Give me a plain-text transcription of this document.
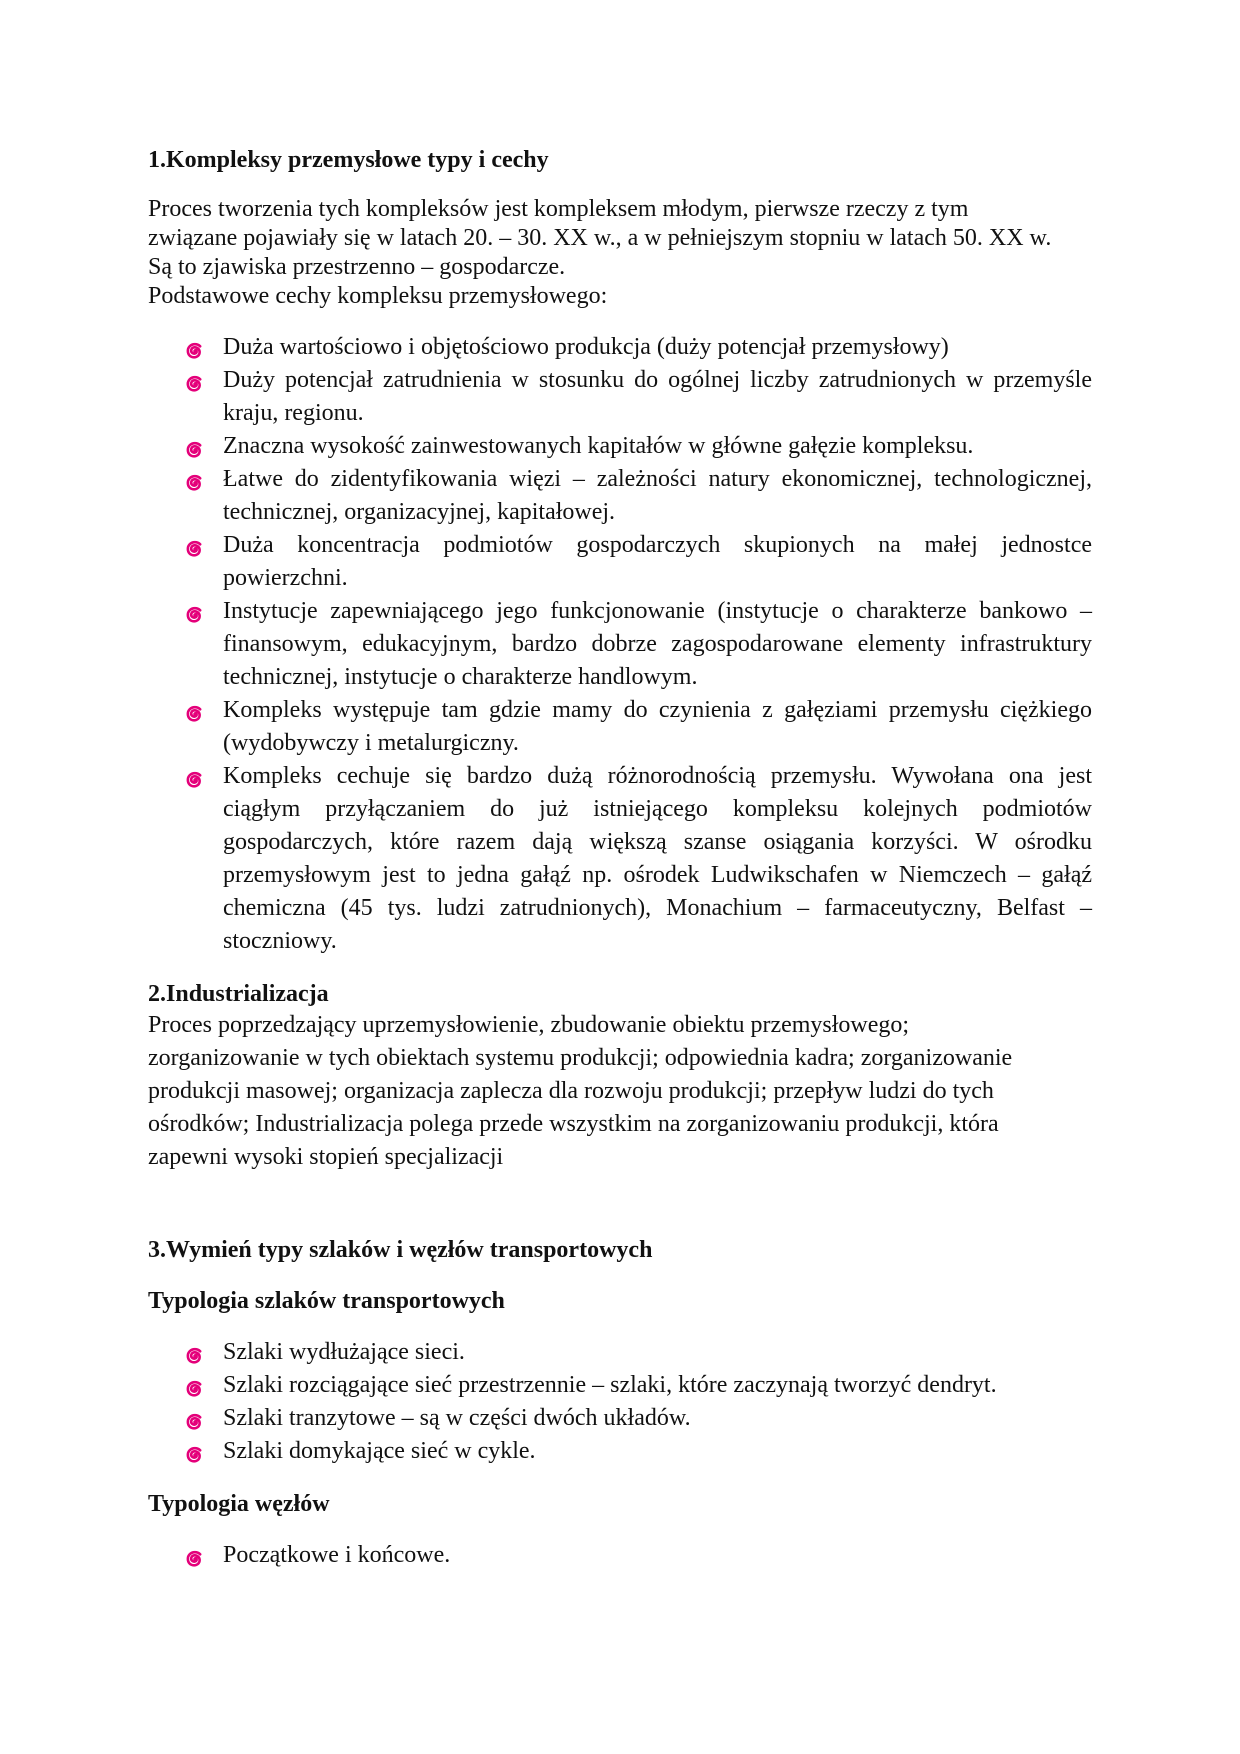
1.Kompleksy przemysłowe typy i cechy

Proces tworzenia tych kompleksów jest kompleksem młodym, pierwsze rzeczy z tym

związane pojawiały się w latach 20. – 30. XX w., a w pełniejszym stopniu w latach 50. XX w.

Są to zjawiska przestrzenno – gospodarcze.

Podstawowe cechy kompleksu przemysłowego:

Duża wartościowo i objętościowo produkcja (duży potencjał przemysłowy)
Duży potencjał zatrudnienia w stosunku do ogólnej liczby zatrudnionych w przemyśle kraju, regionu.
Znaczna wysokość zainwestowanych kapitałów w główne gałęzie kompleksu.
Łatwe do zidentyfikowania więzi – zależności natury ekonomicznej, technologicznej, technicznej, organizacyjnej, kapitałowej.
Duża koncentracja podmiotów gospodarczych skupionych na małej jednostce powierzchni.
Instytucje zapewniającego jego funkcjonowanie (instytucje o charakterze bankowo – finansowym, edukacyjnym, bardzo dobrze zagospodarowane elementy infrastruktury technicznej, instytucje o charakterze handlowym.
Kompleks występuje tam gdzie mamy do czynienia z gałęziami przemysłu ciężkiego (wydobywczy i metalurgiczny.
Kompleks cechuje się bardzo dużą różnorodnością przemysłu. Wywołana ona jest ciągłym przyłączaniem do już istniejącego kompleksu kolejnych podmiotów gospodarczych, które razem dają większą szanse osiągania korzyści. W ośrodku przemysłowym jest to jedna gałąź np. ośrodek Ludwikschafen w Niemczech – gałąź chemiczna (45 tys. ludzi zatrudnionych), Monachium – farmaceutyczny, Belfast – stoczniowy.
2.Industrializacja

Proces poprzedzający uprzemysłowienie, zbudowanie obiektu przemysłowego;

zorganizowanie w tych obiektach systemu produkcji; odpowiednia kadra; zorganizowanie

produkcji masowej; organizacja zaplecza dla rozwoju produkcji; przepływ ludzi do tych

ośrodków; Industrializacja polega przede wszystkim na zorganizowaniu produkcji, która

zapewni wysoki stopień specjalizacji

3.Wymień typy szlaków i węzłów transportowych
Typologia szlaków transportowych
Szlaki wydłużające sieci.
Szlaki rozciągające sieć przestrzennie – szlaki, które zaczynają tworzyć dendryt.
Szlaki tranzytowe – są w części dwóch układów.
Szlaki domykające sieć w cykle.
Typologia węzłów
Początkowe i końcowe.
